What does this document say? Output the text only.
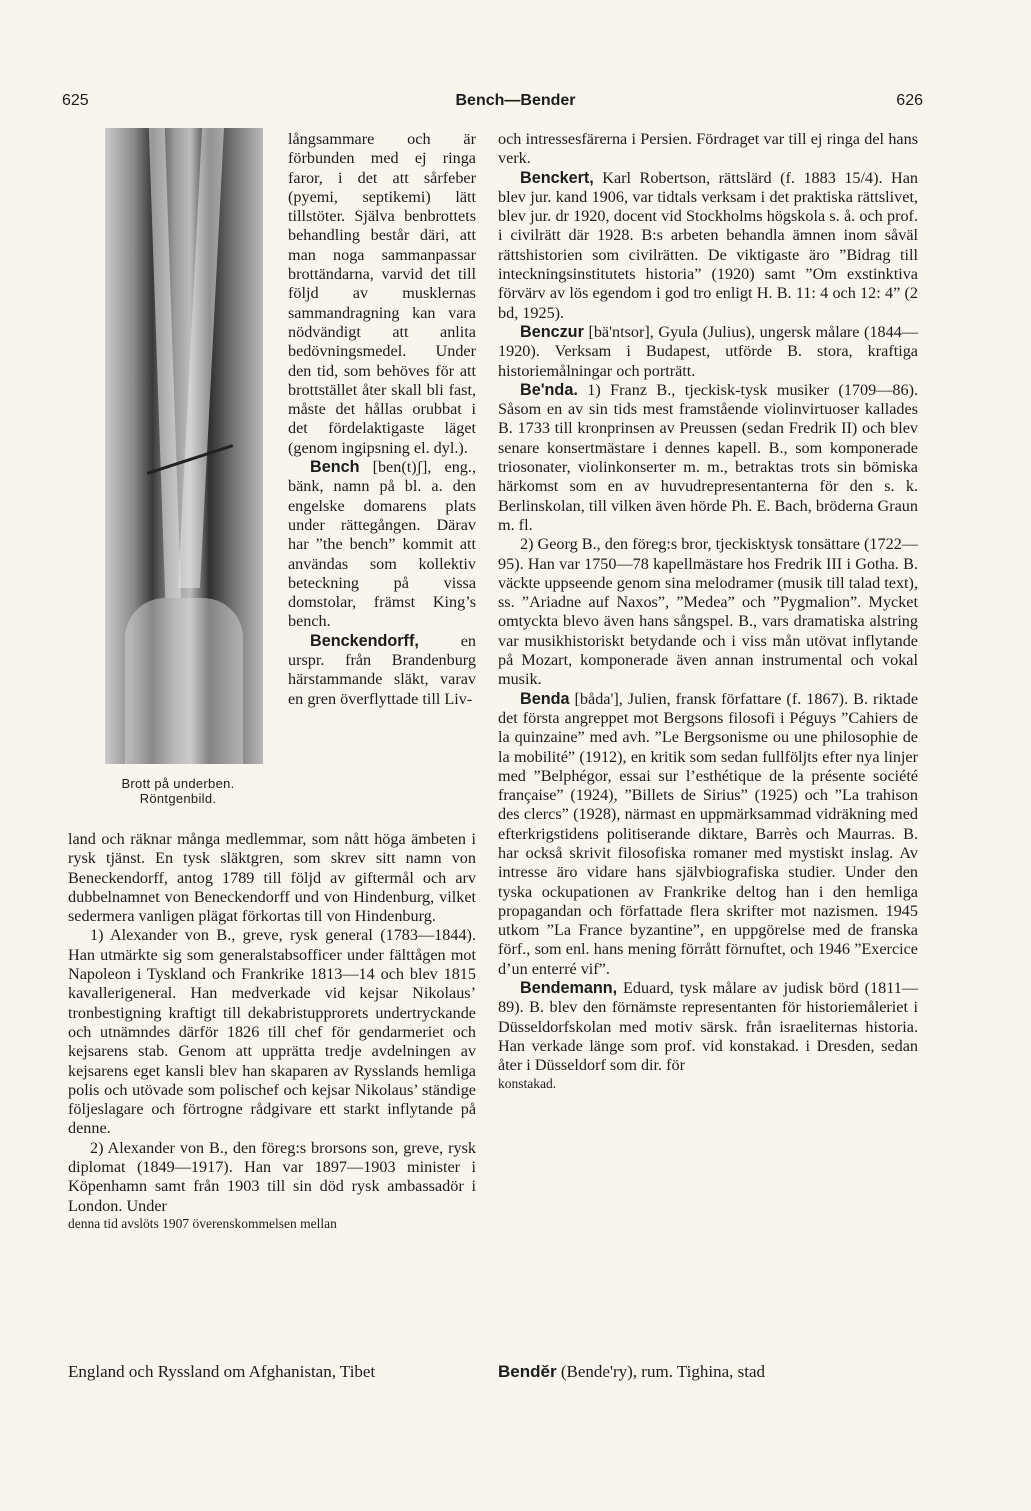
625	Bench—Bender	626
Brott på underben.
Röntgenbild.

långsammare och är förbunden med ej ringa faror, i det att sårfeber (pyemi, septikemi) lätt tillstöter. Själva benbrottets behandling består däri, att man noga sammanpassar brottändarna, varvid det till följd av musklernas sammandragning kan vara nödvändigt att anlita bedövningsmedel. Under den tid, som behöves för att brottstället åter skall bli fast, måste det hållas orubbat i det fördelaktigaste läget (genom ingipsning el. dyl.).

Bench [ben(t)ʃ], eng., bänk, namn på bl. a. den engelske domarens plats under rättegången. Därav har ”the bench” kommit att användas som kollektiv beteckning på vissa domstolar, främst King’s bench.

Benckendorff,	en urspr. från Brandenburg härstammande släkt, varav en gren överflyttade till Liv-

land och räknar många medlemmar, som nått höga ämbeten i rysk tjänst. En tysk släktgren, som skrev sitt namn von Beneckendorff, antog 1789 till följd av giftermål och arv dubbelnamnet von Beneckendorff und von Hindenburg, vilket sedermera vanligen plägat förkortas till von Hindenburg.

1) Alexander von B., greve, rysk general (1783—1844). Han utmärkte sig som generalstabsofficer under fälttågen mot Napoleon i Tyskland och Frankrike 1813—14 och blev 1815 kavallerigeneral. Han medverkade vid kejsar Nikolaus’ tronbestigning kraftigt till dekabristupprorets undertryckande och utnämndes därför 1826 till chef för gendarmeriet och kejsarens stab. Genom att upprätta tredje avdelningen av kejsarens eget kansli blev han skaparen av Rysslands hemliga polis och utövade som polischef och kejsar Nikolaus’ ständige följeslagare och förtrogne rådgivare ett starkt inflytande på denne.

2) Alexander von B., den föreg:s brorsons son, greve, rysk diplomat (1849—1917). Han var 1897—1903 minister i Köpenhamn samt från 1903 till sin död rysk ambassadör i London. Under

denna tid avslöts 1907 överenskommelsen mellan

England och Ryssland om Afghanistan, Tibet

och intressesfärerna i Persien. Fördraget var till ej ringa del hans verk.

Benckert, Karl Robertson, rättslärd (f. 1883 15/4). Han blev jur. kand 1906, var tidtals verksam i det praktiska rättslivet, blev jur. dr 1920, docent vid Stockholms högskola s. å. och prof. i civilrätt där 1928. B:s arbeten behandla ämnen inom såväl rättshistorien som civilrätten. De viktigaste äro ”Bidrag till inteckningsinstitutets historia” (1920) samt ”Om exstinktiva förvärv av lös egendom i god tro enligt H. B. 11: 4 och 12: 4” (2 bd, 1925).

Benczur [bä'ntsor], Gyula (Julius), ungersk målare (1844—1920). Verksam i Budapest, utförde B. stora, kraftiga historiemålningar och porträtt.

Be'nda. 1) Franz B., tjeckisk-tysk musiker (1709—86). Såsom en av sin tids mest framstående violinvirtuoser kallades B. 1733 till kronprinsen av Preussen (sedan Fredrik II) och blev senare konsertmästare i dennes kapell. B., som komponerade triosonater, violinkonserter m. m., betraktas trots sin bömiska härkomst som en av huvudrepresentanterna för den s. k. Berlinskolan, till vilken även hörde Ph. E. Bach, bröderna Graun m. fl.

2) Georg B., den föreg:s bror, tjeckisktysk tonsättare (1722—95). Han var 1750—78 kapellmästare hos Fredrik III i Gotha. B. väckte uppseende genom sina melodramer (musik till talad text), ss. ”Ariadne auf Naxos”, ”Medea” och ”Pygmalion”. Mycket omtyckta blevo även hans sångspel. B., vars dramatiska alstring var musikhistoriskt betydande och i viss mån utövat inflytande på Mozart, komponerade även annan instrumental och vokal musik.

Benda [båda'], Julien, fransk författare (f. 1867). B. riktade det första angreppet mot Bergsons filosofi i Péguys ”Cahiers de la quinzaine” med avh. ”Le Bergsonisme ou une philosophie de la mobilité” (1912), en kritik som sedan fullföljts efter nya linjer med ”Belphégor, essai sur l’esthétique de la présente société française” (1924), ”Billets de Sirius” (1925) och ”La trahison des clercs” (1928), närmast en uppmärksammad vidräkning med efterkrigstidens politiserande diktare, Barrès och Maurras. B. har också skrivit filosofiska romaner med mystiskt inslag. Av intresse äro vidare hans självbiografiska studier. Under den tyska ockupationen av Frankrike deltog han i den hemliga propagandan och författade flera skrifter mot nazismen. 1945 utkom ”La France byzantine”, en uppgörelse med de franska förf., som enl. hans mening förrått förnuftet, och 1946 ”Exercice d’un enterré vif”.

Bendemann, Eduard, tysk målare av judisk börd (1811—89). B. blev den förnämste representanten för historiemåleriet i Düsseldorfskolan med motiv särsk. från israeliternas historia. Han verkade länge som prof. vid konstakad. i Dresden, sedan åter i Düsseldorf som dir. för

konstakad.

Bendĕr (Bende'ry), rum. Tighina, stad
